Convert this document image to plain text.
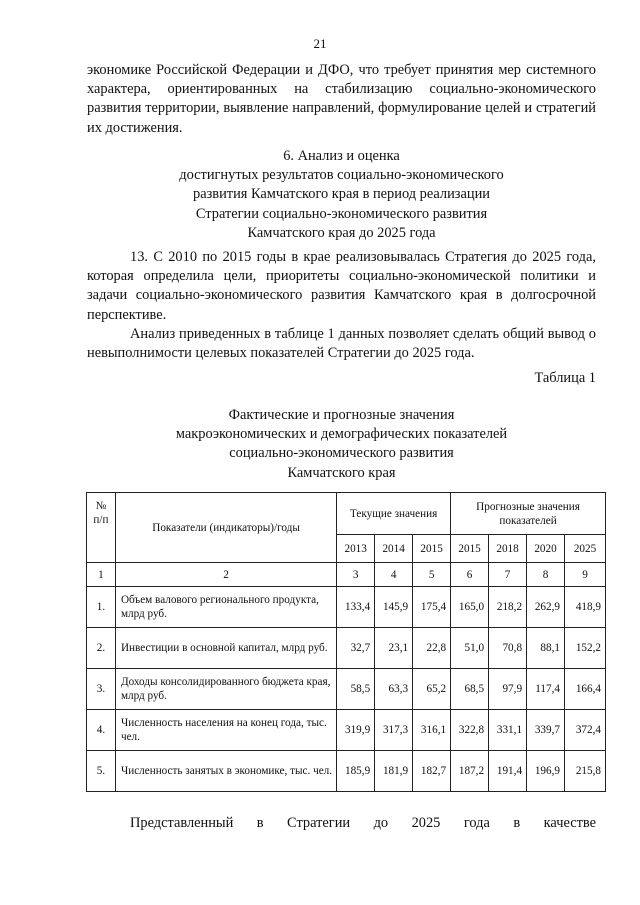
21
экономике Российской Федерации и ДФО, что требует принятия мер системного характера, ориентированных на стабилизацию социально-экономического развития территории, выявление направлений, формулирование целей и стратегий их достижения.
6. Анализ и оценка
достигнутых результатов социально-экономического
развития Камчатского края в период реализации
Стратегии социально-экономического развития
Камчатского края до 2025 года
13. С 2010 по 2015 годы в крае реализовывалась Стратегия до 2025 года, которая определила цели, приоритеты социально-экономической политики и задачи социально-экономического развития Камчатского края в долгосрочной перспективе.
Анализ приведенных в таблице 1 данных позволяет сделать общий вывод о невыполнимости целевых показателей Стратегии до 2025 года.
Таблица 1
Фактические и прогнозные значения
макроэкономических и демографических показателей
социально-экономического развития
Камчатского края
№ п/п	Показатели (индикаторы)/годы	Текущие значения			Прогнозные значения показателей			
		2013	2014	2015	2015	2018	2020	2025
1	2	3	4	5	6	7	8	9
1.	Объем валового регионального продукта, млрд руб.	133,4	145,9	175,4	165,0	218,2	262,9	418,9
2.	Инвестиции в основной капитал, млрд руб.	32,7	23,1	22,8	51,0	70,8	88,1	152,2
3.	Доходы консолидированного бюджета края, млрд руб.	58,5	63,3	65,2	68,5	97,9	117,4	166,4
4.	Численность населения на конец года, тыс. чел.	319,9	317,3	316,1	322,8	331,1	339,7	372,4
5.	Численность занятых в экономике, тыс. чел.	185,9	181,9	182,7	187,2	191,4	196,9	215,8
Представленный в Стратегии до 2025 года в качестве
